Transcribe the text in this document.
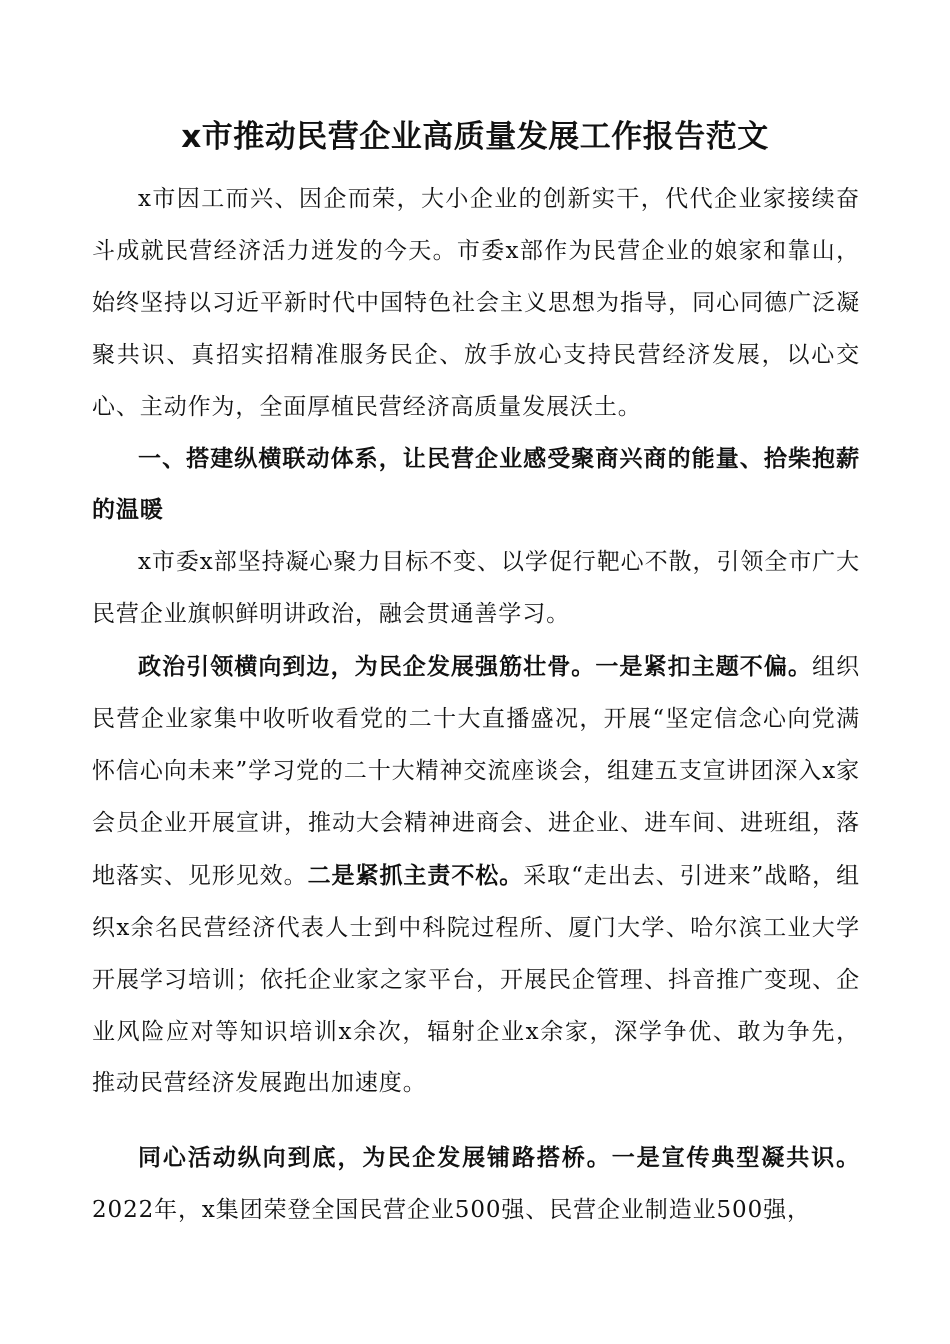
x市推动民营企业高质量发展工作报告范文

x市因工而兴、因企而荣，大小企业的创新实干，代代企业家接续奋斗成就民营经济活力迸发的今天。市委x部作为民营企业的娘家和靠山，始终坚持以习近平新时代中国特色社会主义思想为指导，同心同德广泛凝聚共识、真招实招精准服务民企、放手放心支持民营经济发展，以心交心、主动作为，全面厚植民营经济高质量发展沃土。

一、搭建纵横联动体系，让民营企业感受聚商兴商的能量、拾柴抱薪的温暖

x市委x部坚持凝心聚力目标不变、以学促行靶心不散，引领全市广大民营企业旗帜鲜明讲政治，融会贯通善学习。

政治引领横向到边，为民企发展强筋壮骨。一是紧扣主题不偏。组织民营企业家集中收听收看党的二十大直播盛况，开展“坚定信念心向党满怀信心向未来”学习党的二十大精神交流座谈会，组建五支宣讲团深入x家会员企业开展宣讲，推动大会精神进商会、进企业、进车间、进班组，落地落实、见形见效。二是紧抓主责不松。采取“走出去、引进来”战略，组织x余名民营经济代表人士到中科院过程所、厦门大学、哈尔滨工业大学开展学习培训；依托企业家之家平台，开展民企管理、抖音推广变现、企业风险应对等知识培训x余次，辐射企业x余家，深学争优、敢为争先，推动民营经济发展跑出加速度。

同心活动纵向到底，为民企发展铺路搭桥。一是宣传典型凝共识。2022年，x集团荣登全国民营企业500强、民营企业制造业500强，
